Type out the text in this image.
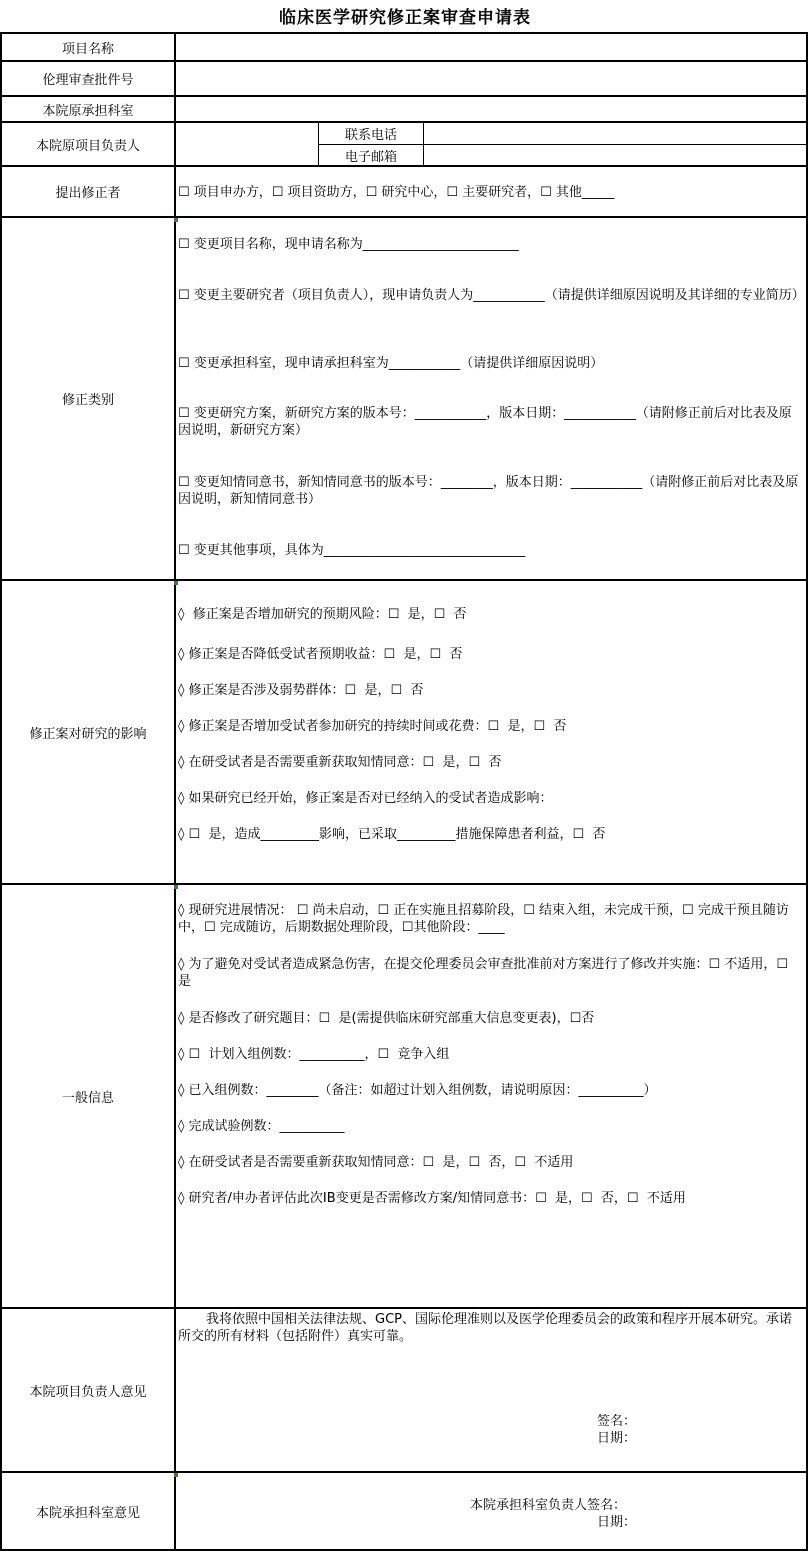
临床医学研究修正案审查申请表
项目名称
伦理审查批件号
本院原承担科室
本院原项目负责人
联系电话
电子邮箱
提出修正者	☐ 项目申办方，☐ 项目资助方，☐ 研究中心，☐ 主要研究者，☐ 其他_____
修正类别
☐ 变更项目名称，现申请名称为________________________
☐ 变更主要研究者（项目负责人），现申请负责人为___________（请提供详细原因说明及其详细的专业简历）
☐ 变更承担科室，现申请承担科室为___________（请提供详细原因说明）
☐ 变更研究方案，新研究方案的版本号：___________，版本日期：___________（请附修正前后对比表及原因说明，新研究方案）
☐ 变更知情同意书，新知情同意书的版本号：________，版本日期：___________（请附修正前后对比表及原因说明，新知情同意书）
☐ 变更其他事项，具体为_______________________________
修正案对研究的影响
◊  修正案是否增加研究的预期风险：☐  是，☐  否
◊ 修正案是否降低受试者预期收益：☐  是，☐  否
◊ 修正案是否涉及弱势群体：☐  是，☐  否
◊ 修正案是否增加受试者参加研究的持续时间或花费：☐  是，☐  否
◊ 在研受试者是否需要重新获取知情同意：☐  是，☐  否
◊ 如果研究已经开始，修正案是否对已经纳入的受试者造成影响：
◊ ☐  是，造成_________影响，已采取_________措施保障患者利益，☐  否
一般信息
◊ 现研究进展情况： ☐ 尚未启动，☐ 正在实施且招募阶段，☐ 结束入组，未完成干预，☐ 完成干预且随访中，☐ 完成随访，后期数据处理阶段，☐其他阶段：____
◊ 为了避免对受试者造成紧急伤害，在提交伦理委员会审查批准前对方案进行了修改并实施：☐ 不适用，☐ 是
◊ 是否修改了研究题目：☐  是(需提供临床研究部重大信息变更表)，☐否
◊ ☐  计划入组例数：__________，☐  竞争入组
◊ 已入组例数：________（备注：如超过计划入组例数，请说明原因：__________）
◊ 完成试验例数：__________
◊ 在研受试者是否需要重新获取知情同意：☐  是，☐  否，☐  不适用
◊ 研究者/申办者评估此次IB变更是否需修改方案/知情同意书：☐  是，☐  否，☐  不适用
本院项目负责人意见
我将依照中国相关法律法规、GCP、国际伦理准则以及医学伦理委员会的政策和程序开展本研究。承诺所交的所有材料（包括附件）真实可靠。
签名：
日期：
本院承担科室意见	本院承担科室负责人签名：
日期：
